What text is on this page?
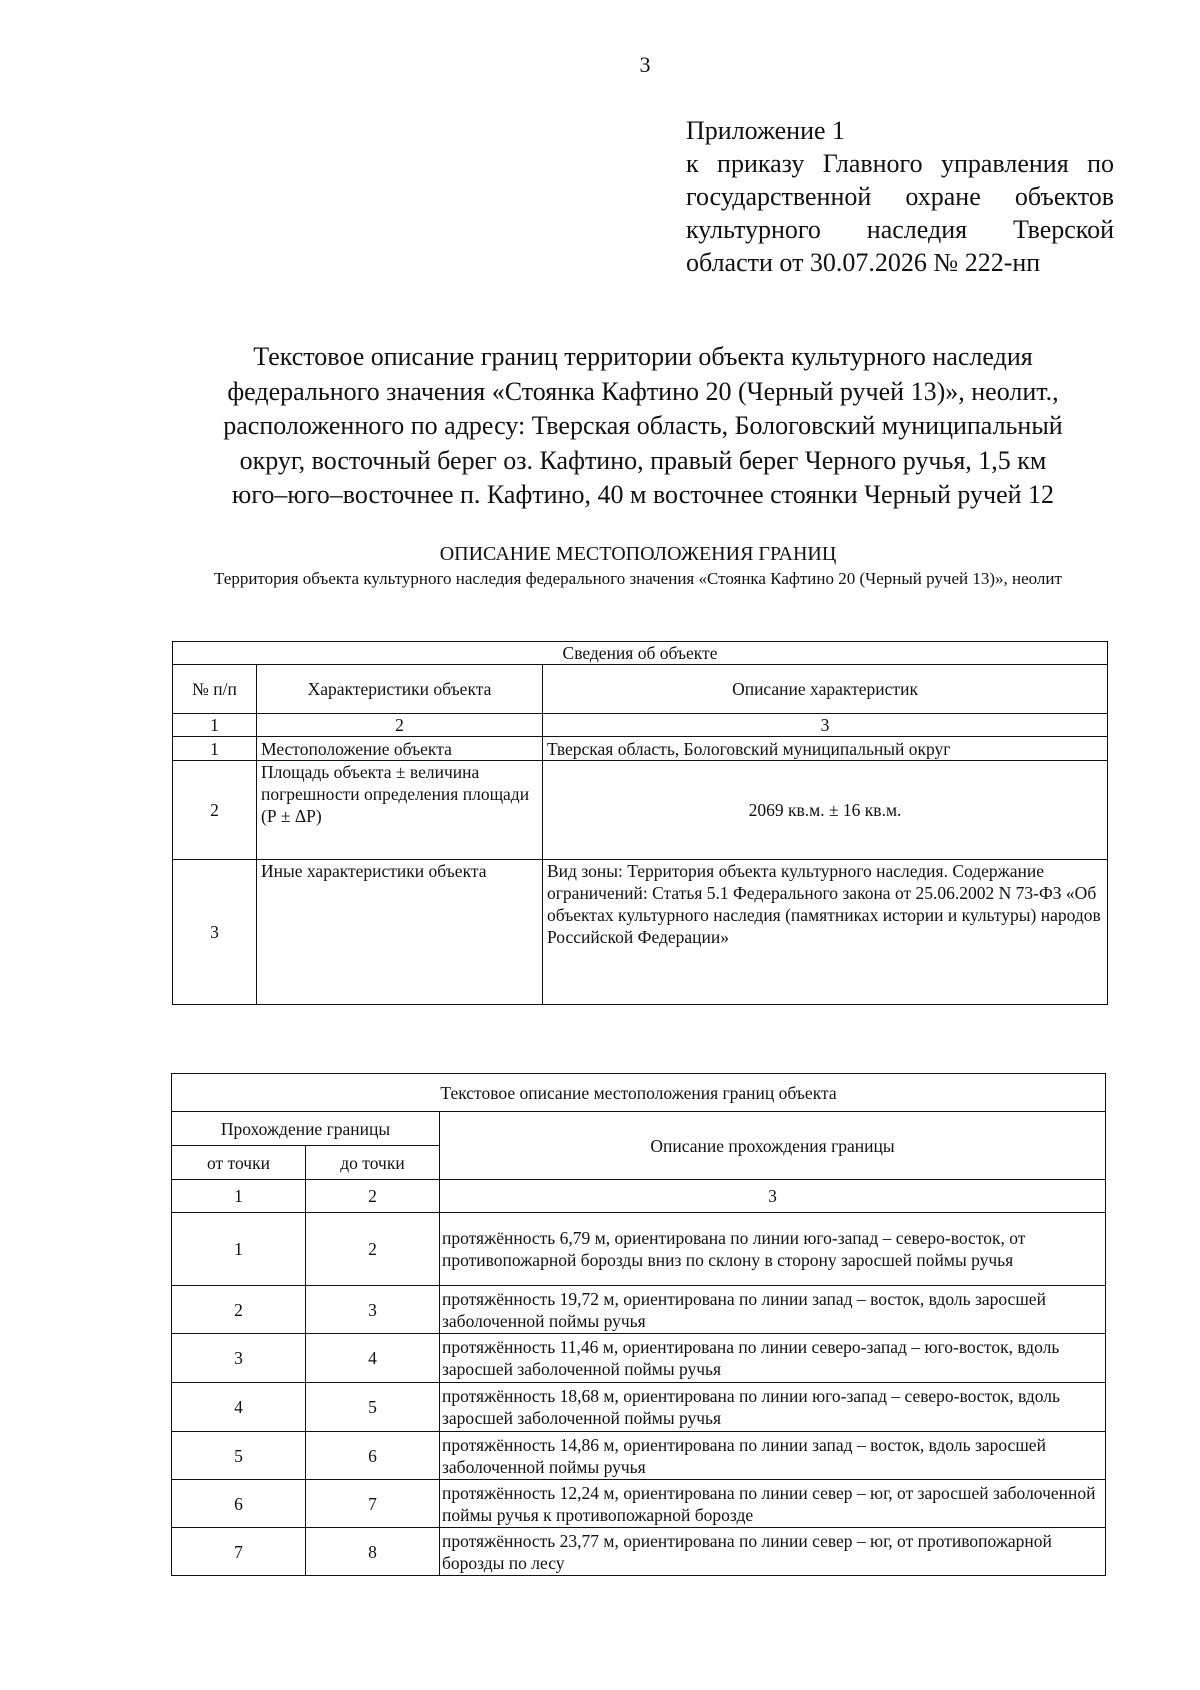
3
Приложение 1
к приказу Главного управления по государственной охране объектов культурного наследия Тверской области от 30.07.2026 № 222-нп
Текстовое описание границ территории объекта культурного наследия
федерального значения «Стоянка Кафтино 20 (Черный ручей 13)», неолит.,
расположенного по адресу: Тверская область, Бологовский муниципальный
округ, восточный берег оз. Кафтино, правый берег Черного ручья, 1,5 км
юго–юго–восточнее п. Кафтино, 40 м восточнее стоянки Черный ручей 12
ОПИСАНИЕ МЕСТОПОЛОЖЕНИЯ ГРАНИЦ
Территория объекта культурного наследия федерального значения «Стоянка Кафтино 20 (Черный ручей 13)», неолит
Сведения об объекте		
№ п/п	Характеристики объекта	Описание характеристик
1	2	3
1	Местоположение объекта	Тверская область, Бологовский муниципальный округ
2	Площадь объекта ± величина погрешности определения площади (Р ± ΔР)	2069 кв.м. ± 16 кв.м.
3	Иные характеристики объекта	Вид зоны: Территория объекта культурного наследия. Содержание ограничений: Статья 5.1 Федерального закона от 25.06.2002 N 73-ФЗ «Об объектах культурного наследия (памятниках истории и культуры) народов Российской Федерации»
Текстовое описание местоположения границ объекта		
Прохождение границы		Описание прохождения границы
от точки	до точки	
1	2	3
1	2	протяжённость 6,79 м, ориентирована по линии юго-запад – северо-восток, от противопожарной борозды вниз по склону в сторону заросшей поймы ручья
2	3	протяжённость 19,72 м, ориентирована по линии запад – восток, вдоль заросшей заболоченной поймы ручья
3	4	протяжённость 11,46 м, ориентирована по линии северо-запад – юго-восток, вдоль заросшей заболоченной поймы ручья
4	5	протяжённость 18,68 м, ориентирована по линии юго-запад – северо-восток, вдоль заросшей заболоченной поймы ручья
5	6	протяжённость 14,86 м, ориентирована по линии запад – восток, вдоль заросшей заболоченной поймы ручья
6	7	протяжённость 12,24 м, ориентирована по линии север – юг, от заросшей заболоченной поймы ручья к противопожарной борозде
7	8	протяжённость 23,77 м, ориентирована по линии север – юг, от противопожарной борозды по лесу
